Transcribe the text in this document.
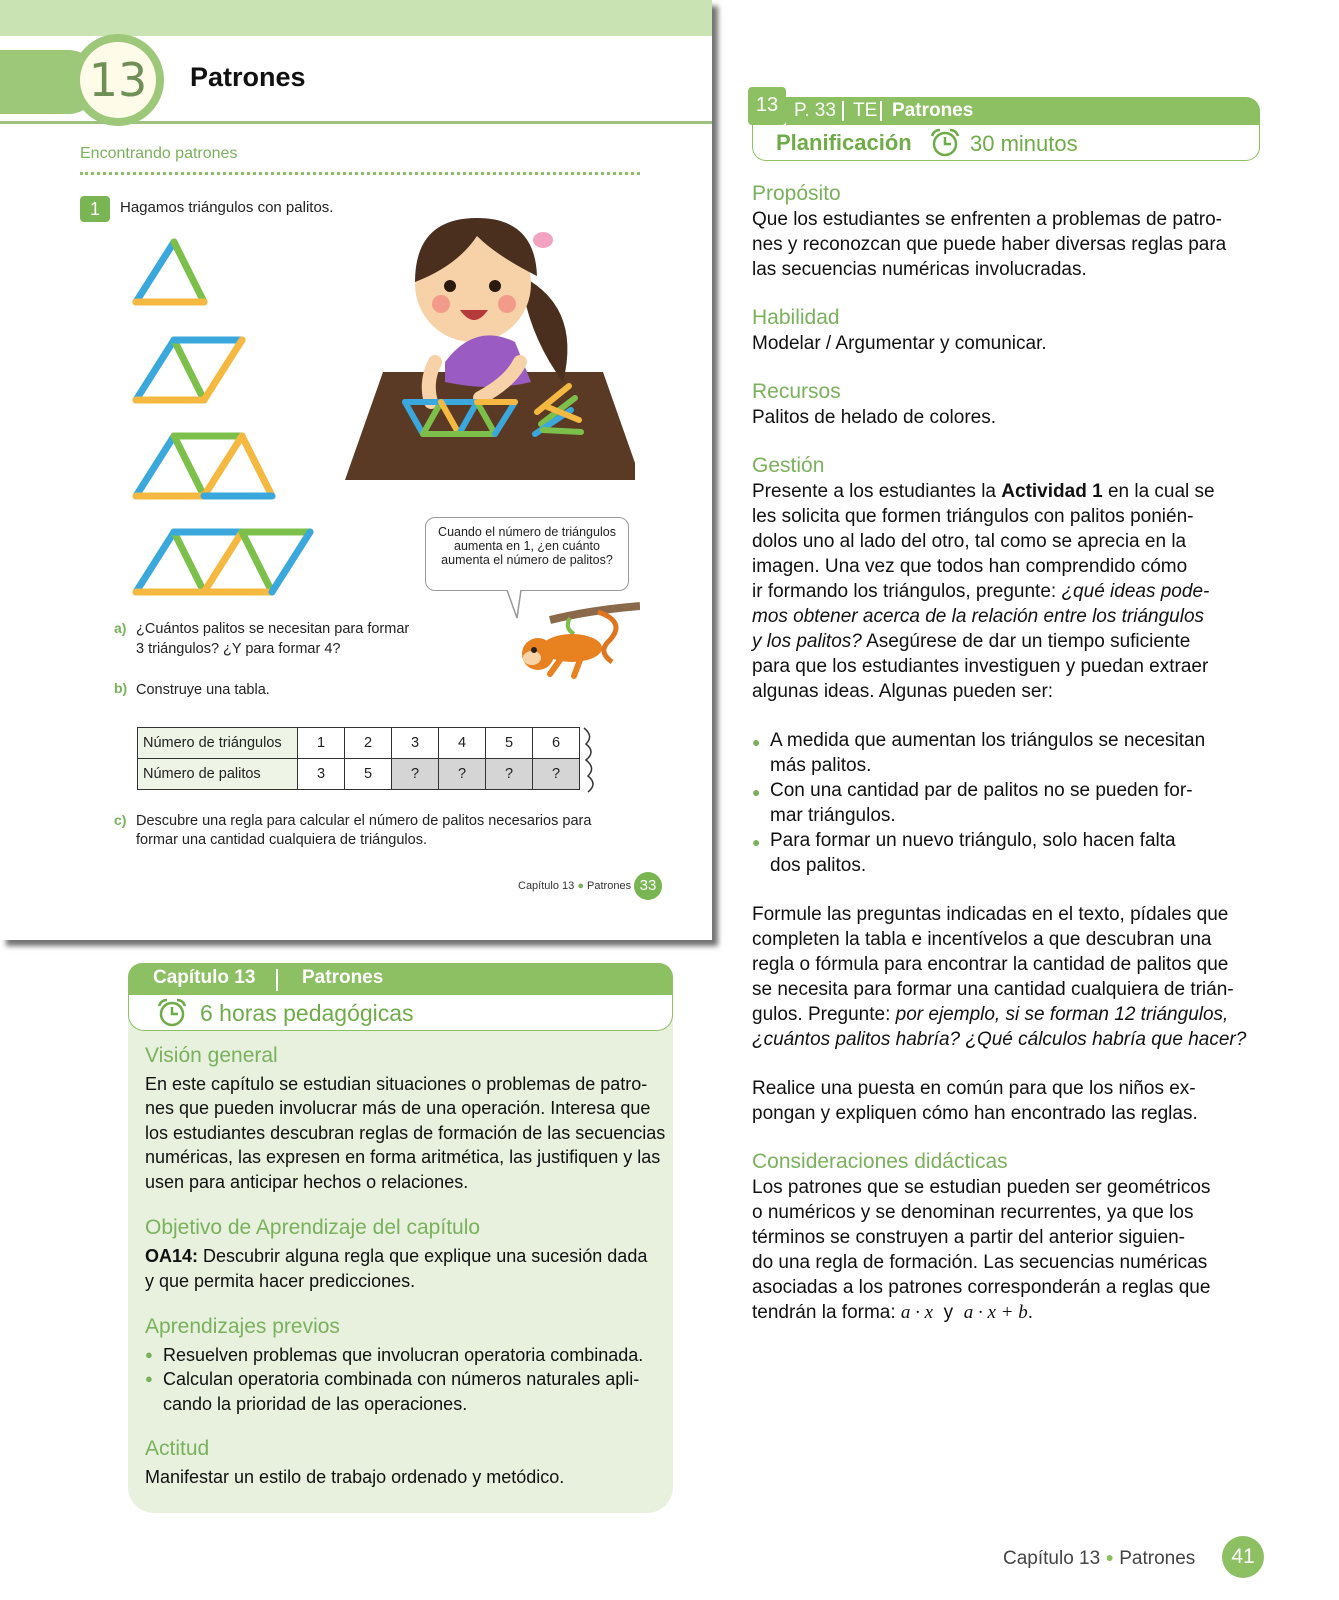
13	Patrones
Encontrando patrones
1	Hagamos triángulos con palitos.
Cuando el número de triángulos aumenta en 1, ¿en cuánto aumenta el número de palitos?
a) ¿Cuántos palitos se necesitan para formar
3 triángulos? ¿Y para formar 4?
b) Construye una tabla.
Número de triángulos	1	2	3	4	5	6
Número de palitos	3	5	?	?	?	?
c) Descubre una regla para calcular el número de palitos necesarios para
formar una cantidad cualquiera de triángulos.
Capítulo 13 ● Patrones 33
Capítulo 13 Patrones
6 horas pedagógicas
Visión general
En este capítulo se estudian situaciones o problemas de patro-
nes que pueden involucrar más de una operación. Interesa que
los estudiantes descubran reglas de formación de las secuencias
numéricas, las expresen en forma aritmética, las justifiquen y las
usen para anticipar hechos o relaciones.
Objetivo de Aprendizaje del capítulo
OA14: Descubrir alguna regla que explique una sucesión dada
y que permita hacer predicciones.
Aprendizajes previos
● Resuelven problemas que involucran operatoria combinada.
● Calculan operatoria combinada con números naturales apli-
cando la prioridad de las operaciones.
Actitud
Manifestar un estilo de trabajo ordenado y metódico.
13 P. 33 TE Patrones
Planificación	30 minutos
Propósito
Que los estudiantes se enfrenten a problemas de patro-
nes y reconozcan que puede haber diversas reglas para
las secuencias numéricas involucradas.
Habilidad
Modelar / Argumentar y comunicar.
Recursos
Palitos de helado de colores.
Gestión
Presente a los estudiantes la Actividad 1 en la cual se
les solicita que formen triángulos con palitos ponién-
dolos uno al lado del otro, tal como se aprecia en la
imagen. Una vez que todos han comprendido cómo
ir formando los triángulos, pregunte: ¿qué ideas pode-
mos obtener acerca de la relación entre los triángulos
y los palitos? Asegúrese de dar un tiempo suficiente
para que los estudiantes investiguen y puedan extraer
algunas ideas. Algunas pueden ser:
● A medida que aumentan los triángulos se necesitan
más palitos.
● Con una cantidad par de palitos no se pueden for-
mar triángulos.
● Para formar un nuevo triángulo, solo hacen falta
dos palitos.
Formule las preguntas indicadas en el texto, pídales que
completen la tabla e incentívelos a que descubran una
regla o fórmula para encontrar la cantidad de palitos que
se necesita para formar una cantidad cualquiera de trián-
gulos. Pregunte: por ejemplo, si se forman 12 triángulos,
¿cuántos palitos habría? ¿Qué cálculos habría que hacer?
Realice una puesta en común para que los niños ex-
pongan y expliquen cómo han encontrado las reglas.
Consideraciones didácticas
Los patrones que se estudian pueden ser geométricos
o numéricos y se denominan recurrentes, ya que los
términos se construyen a partir del anterior siguien-
do una regla de formación. Las secuencias numéricas
asociadas a los patrones corresponderán a reglas que
tendrán la forma: a · x y a · x + b.
Capítulo 13 ● Patrones	41
